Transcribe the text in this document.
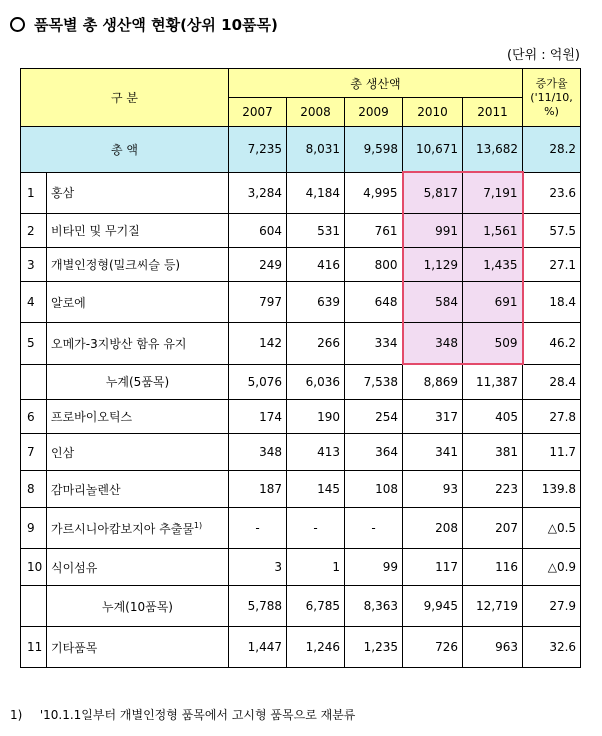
품목별 총 생산액 현황(상위 10품목)
(단위 : 억원)
구 분		총 생산액					증가율
('11/10,
%)

		2007	2008	2009	2010	2011	
총 액		7,235	8,031	9,598	10,671	13,682	28.2
1	홍삼	3,284	4,184	4,995	5,817	7,191	23.6
2	비타민 및 무기질	604	531	761	991	1,561	57.5
3	개별인정형(밀크씨슬 등)	249	416	800	1,129	1,435	27.1
4	알로에	797	639	648	584	691	18.4
5	오메가-3지방산 함유 유지	142	266	334	348	509	46.2
	누계(5품목)	5,076	6,036	7,538	8,869	11,387	28.4
6	프로바이오틱스	174	190	254	317	405	27.8
7	인삼	348	413	364	341	381	11.7
8	감마리놀렌산	187	145	108	93	223	139.8
9	가르시니아캄보지아 추출물$^{1)}$	-	-	-	208	207	△0.5
10	식이섬유	3	1	99	117	116	△0.9
	누계(10품목)	5,788	6,785	8,363	9,945	12,719	27.9
11	기타품목	1,447	1,246	1,235	726	963	32.6
1) '10.1.1일부터 개별인정형 품목에서 고시형 품목으로 재분류
